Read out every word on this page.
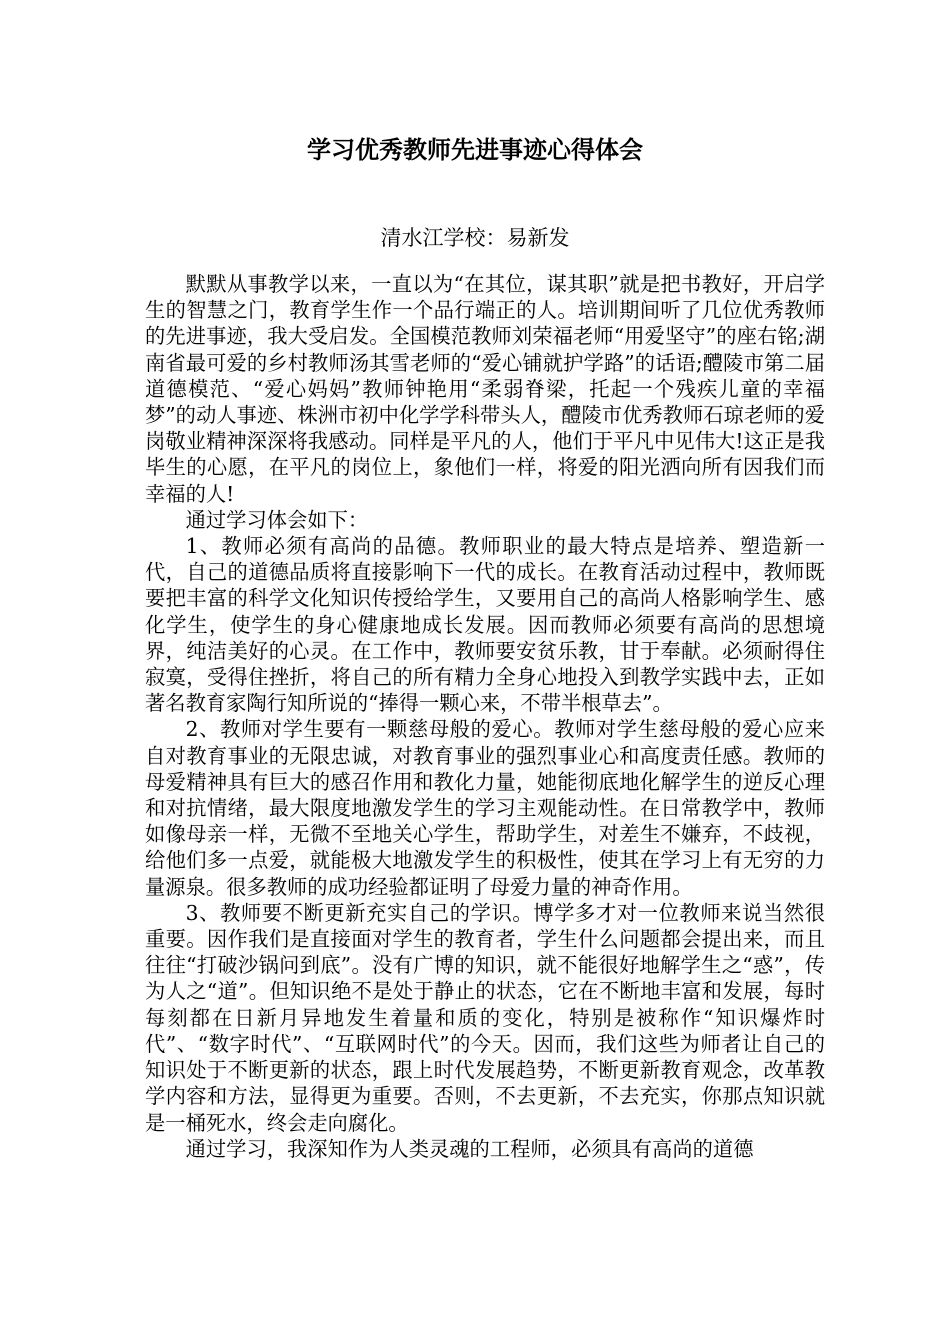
学习优秀教师先进事迹心得体会
清水江学校：易新发

默默从事教学以来，一直以为“在其位，谋其职”就是把书教好，开启学生的智慧之门，教育学生作一个品行端正的人。培训期间听了几位优秀教师的先进事迹，我大受启发。全国模范教师刘荣福老师“用爱坚守”的座右铭;湖南省最可爱的乡村教师汤其雪老师的“爱心铺就护学路”的话语;醴陵市第二届道德模范、“爱心妈妈”教师钟艳用“柔弱脊梁，托起一个残疾儿童的幸福梦”的动人事迹、株洲市初中化学学科带头人，醴陵市优秀教师石琼老师的爱岗敬业精神深深将我感动。同样是平凡的人，他们于平凡中见伟大!这正是我毕生的心愿，在平凡的岗位上，象他们一样，将爱的阳光洒向所有因我们而幸福的人!

通过学习体会如下：

1、教师必须有高尚的品德。教师职业的最大特点是培养、塑造新一代，自己的道德品质将直接影响下一代的成长。在教育活动过程中，教师既要把丰富的科学文化知识传授给学生，又要用自己的高尚人格影响学生、感化学生，使学生的身心健康地成长发展。因而教师必须要有高尚的思想境界，纯洁美好的心灵。在工作中，教师要安贫乐教，甘于奉献。必须耐得住寂寞，受得住挫折，将自己的所有精力全身心地投入到教学实践中去，正如著名教育家陶行知所说的“捧得一颗心来，不带半根草去”。

2、教师对学生要有一颗慈母般的爱心。教师对学生慈母般的爱心应来自对教育事业的无限忠诚，对教育事业的强烈事业心和高度责任感。教师的母爱精神具有巨大的感召作用和教化力量，她能彻底地化解学生的逆反心理和对抗情绪，最大限度地激发学生的学习主观能动性。在日常教学中，教师如像母亲一样，无微不至地关心学生，帮助学生，对差生不嫌弃，不歧视，给他们多一点爱，就能极大地激发学生的积极性，使其在学习上有无穷的力量源泉。很多教师的成功经验都证明了母爱力量的神奇作用。

3、教师要不断更新充实自己的学识。博学多才对一位教师来说当然很重要。因作我们是直接面对学生的教育者，学生什么问题都会提出来，而且往往“打破沙锅问到底”。没有广博的知识，就不能很好地解学生之“惑”，传为人之“道”。但知识绝不是处于静止的状态，它在不断地丰富和发展，每时每刻都在日新月异地发生着量和质的变化，特别是被称作“知识爆炸时代”、“数字时代”、“互联网时代”的今天。因而，我们这些为师者让自己的知识处于不断更新的状态，跟上时代发展趋势，不断更新教育观念，改革教学内容和方法，显得更为重要。否则，不去更新，不去充实，你那点知识就是一桶死水，终会走向腐化。

通过学习，我深知作为人类灵魂的工程师，必须具有高尚的道德
